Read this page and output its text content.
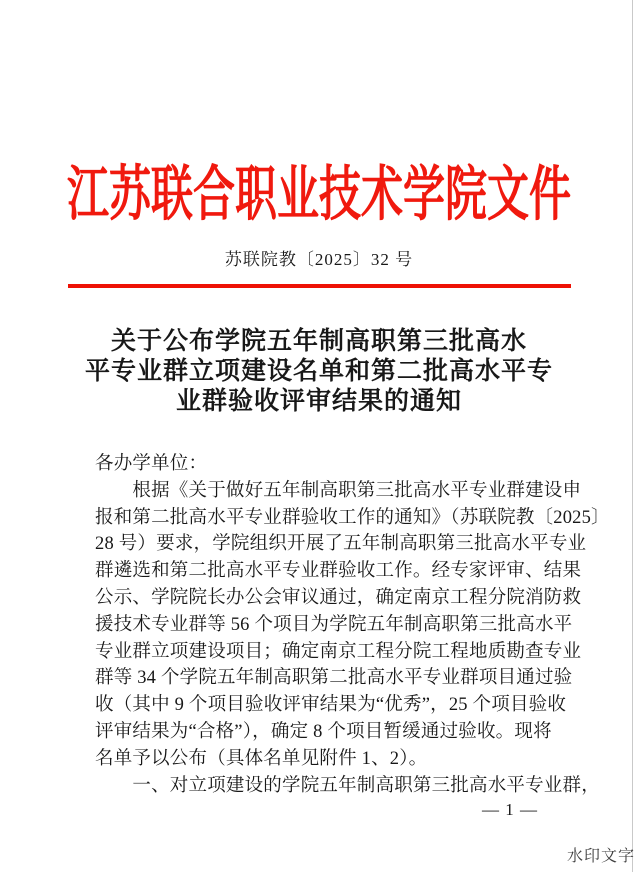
江苏联合职业技术学院文件
苏联院教〔2025〕32 号
关于公布学院五年制高职第三批高水
平专业群立项建设名单和第二批高水平专
业群验收评审结果的通知
各办学单位：
　　根据《关于做好五年制高职第三批高水平专业群建设申
报和第二批高水平专业群验收工作的通知》（苏联院教〔2025〕
28 号）要求，学院组织开展了五年制高职第三批高水平专业
群遴选和第二批高水平专业群验收工作。经专家评审、结果
公示、学院院长办公会审议通过，确定南京工程分院消防救
援技术专业群等 56 个项目为学院五年制高职第三批高水平
专业群立项建设项目；确定南京工程分院工程地质勘查专业
群等 34 个学院五年制高职第二批高水平专业群项目通过验
收（其中 9 个项目验收评审结果为“优秀”，25 个项目验收
评审结果为“合格”），确定 8 个项目暂缓通过验收。现将
名单予以公布（具体名单见附件 1、2）。
　　一、对立项建设的学院五年制高职第三批高水平专业群，
— 1 —
水印文字
